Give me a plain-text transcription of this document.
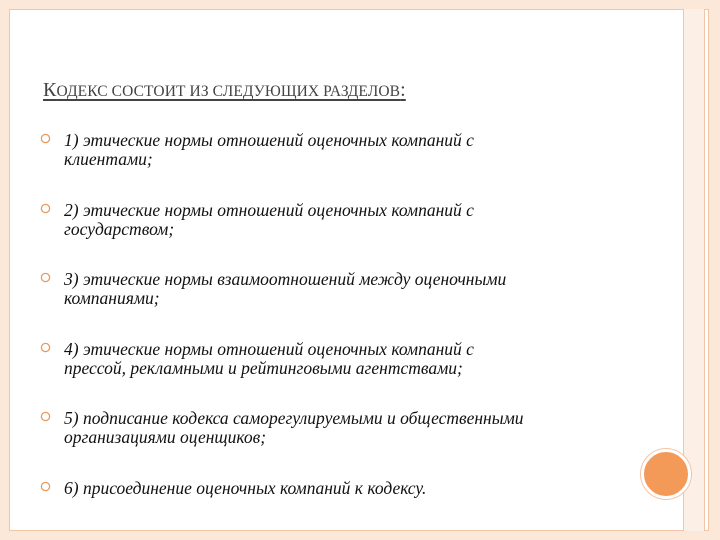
КОДЕКС СОСТОИТ ИЗ СЛЕДУЮЩИХ РАЗДЕЛОВ:
1) этические нормы отношений оценочных компаний с
клиентами;
2) этические нормы отношений оценочных компаний с
государством;
3) этические нормы взаимоотношений между оценочными
компаниями;
4) этические нормы отношений оценочных компаний с
прессой, рекламными и рейтинговыми агентствами;
5) подписание кодекса саморегулируемыми и общественными
организациями оценщиков;
6) присоединение оценочных компаний к кодексу.
